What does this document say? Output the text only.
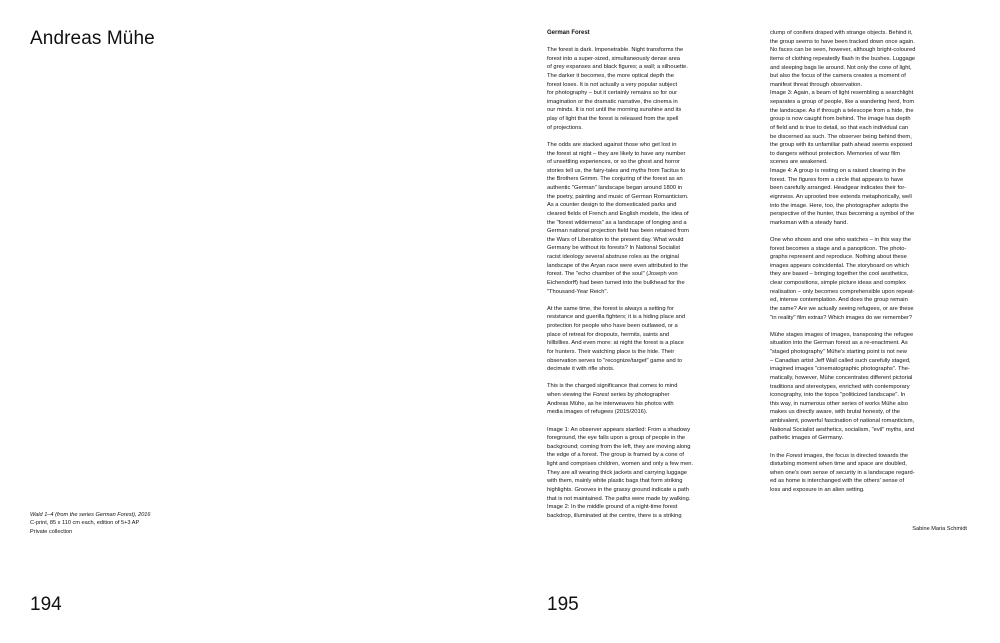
Andreas Mühe
Wald 1–4 (from the series German Forest), 2016
C-print, 85 x 110 cm each, edition of 5+3 AP
Private collection
194
German Forest

The forest is dark. Impenetrable. Night transforms the
forest into a super-sized, simultaneously dense area
of grey expanses and black figures; a wall; a silhouette.
The darker it becomes, the more optical depth the
forest loses. It is not actually a very popular subject
for photography – but it certainly remains so for our
imagination or the dramatic narrative, the cinema in
our minds. It is not until the morning sunshine and its
play of light that the forest is released from the spell
of projections.

The odds are stacked against those who get lost in
the forest at night – they are likely to have any number
of unsettling experiences, or so the ghost and horror
stories tell us, the fairy-tales and myths from Tacitus to
the Brothers Grimm. The conjuring of the forest as an
authentic "German" landscape began around 1800 in
the poetry, painting and music of German Romanticism.
As a counter design to the domesticated parks and
cleared fields of French and English models, the idea of
the "forest wilderness" as a landscape of longing and a
German national projection field has been retained from
the Wars of Liberation to the present day. What would
Germany be without its forests? In National Socialist
racist ideology several abstruse roles as the original
landscape of the Aryan race were even attributed to the
forest. The "echo chamber of the soul" (Joseph von
Eichendorff) had been turned into the bulkhead for the
"Thousand-Year Reich".

At the same time, the forest is always a setting for
resistance and guerilla fighters; it is a hiding place and
protection for people who have been outlawed, or a
place of retreat for dropouts, hermits, saints and
hillbillies. And even more: at night the forest is a place
for hunters. Their watching place is the hide. Their
observation serves to "recognize/target" game and to
decimate it with rifle shots.

This is the charged significance that comes to mind
when viewing the Forest series by photographer
Andreas Mühe, as he interweaves his photos with
media images of refugees (2015/2016).

Image 1: An observer appears startled: From a shadowy
foreground, the eye falls upon a group of people in the
background; coming from the left, they are moving along
the edge of a forest. The group is framed by a cone of
light and comprises children, women and only a few men.
They are all wearing thick jackets and carrying luggage
with them, mainly white plastic bags that form striking
highlights. Grooves in the grassy ground indicate a path
that is not maintained. The paths were made by walking.
Image 2: In the middle ground of a night-time forest
backdrop, illuminated at the centre, there is a striking

clump of conifers draped with strange objects. Behind it,
the group seems to have been tracked down once again.
No faces can be seen, however, although bright-coloured
items of clothing repeatedly flash in the bushes. Luggage
and sleeping bags lie around. Not only the cone of light,
but also the focus of the camera creates a moment of
manifest threat through observation.
Image 3: Again, a beam of light resembling a searchlight
separates a group of people, like a wandering herd, from
the landscape. As if through a telescope from a hide, the
group is now caught from behind. The image has depth
of field and is true to detail, so that each individual can
be discerned as such. The observer being behind them,
the group with its unfamiliar path ahead seems exposed
to dangers without protection. Memories of war film
scenes are awakened.
Image 4: A group is resting on a raised clearing in the
forest. The figures form a circle that appears to have
been carefully arranged. Headgear indicates their for-
eignness. An uprooted tree extends metaphorically, well
into the image. Here, too, the photographer adopts the
perspective of the hunter, thus becoming a symbol of the
marksman with a steady hand.

One who shows and one who watches – in this way the
forest becomes a stage and a panopticon. The photo-
graphs represent and reproduce. Nothing about these
images appears coincidental. The storyboard on which
they are based – bringing together the cool aesthetics,
clear compositions, simple picture ideas and complex
realisation – only becomes comprehensible upon repeat-
ed, intense contemplation. And does the group remain
the same? Are we actually seeing refugees, or are these
"in reality" film extras? Which images do we remember?

Mühe stages images of images, transposing the refugee
situation into the German forest as a re-enactment. As
"staged photography" Mühe's starting point is not new
– Canadian artist Jeff Wall called such carefully staged,
imagined images "cinematographic photographs". The-
matically, however, Mühe concentrates different pictorial
traditions and stereotypes, enriched with contemporary
iconography, into the topos "politicized landscape". In
this way, in numerous other series of works Mühe also
makes us directly aware, with brutal honesty, of the
ambivalent, powerful fascination of national romanticism,
National Socialist aesthetics, socialism, "evil" myths, and
pathetic images of Germany.

In the Forest images, the focus is directed towards the
disturbing moment when time and space are doubled,
when one's own sense of security in a landscape regard-
ed as home is interchanged with the others' sense of
loss and exposure in an alien setting.

Sabine Maria Schmidt
195
